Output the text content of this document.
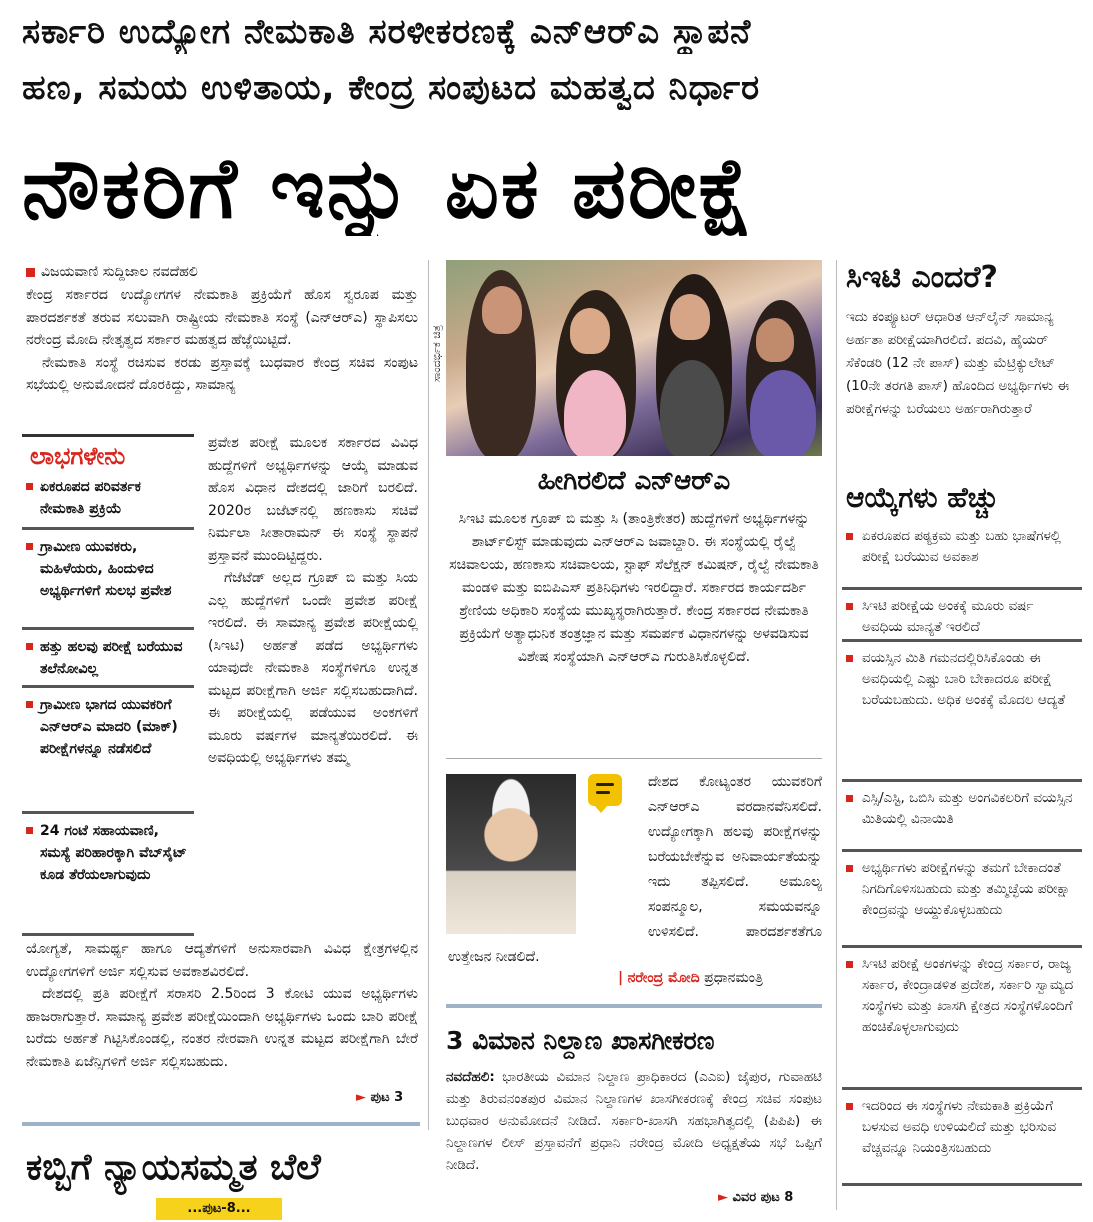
ಸರ್ಕಾರಿ ಉದ್ಯೋಗ ನೇಮಕಾತಿ ಸರಳೀಕರಣಕ್ಕೆ ಎನ್‌ಆರ್‌ಎ ಸ್ಥಾಪನೆ
ಹಣ, ಸಮಯ ಉಳಿತಾಯ, ಕೇಂದ್ರ ಸಂಪುಟದ ಮಹತ್ವದ ನಿರ್ಧಾರ
ನೌಕರಿಗೆ ಇನ್ನು ಏಕ ಪರೀಕ್ಷೆ
ವಿಜಯವಾಣಿ ಸುದ್ದಿಜಾಲ ನವದೆಹಲಿ

ಕೇಂದ್ರ ಸರ್ಕಾರದ ಉದ್ಯೋಗಗಳ ನೇಮಕಾತಿ ಪ್ರಕ್ರಿಯೆಗೆ ಹೊಸ ಸ್ವರೂಪ ಮತ್ತು ಪಾರದರ್ಶಕತೆ ತರುವ ಸಲುವಾಗಿ ರಾಷ್ಟ್ರೀಯ ನೇಮಕಾತಿ ಸಂಸ್ಥೆ (ಎನ್‌ಆರ್‌ಎ) ಸ್ಥಾಪಿಸಲು ನರೇಂದ್ರ ಮೋದಿ ನೇತೃತ್ವದ ಸರ್ಕಾರ ಮಹತ್ವದ ಹೆಜ್ಜೆಯಿಟ್ಟಿದೆ.

ನೇಮಕಾತಿ ಸಂಸ್ಥೆ ರಚಿಸುವ ಕರಡು ಪ್ರಸ್ತಾವಕ್ಕೆ ಬುಧವಾರ ಕೇಂದ್ರ ಸಚಿವ ಸಂಪುಟ ಸಭೆಯಲ್ಲಿ ಅನುಮೋದನೆ ದೊರಕಿದ್ದು, ಸಾಮಾನ್ಯ

ಲಾಭಗಳೇನು
ಏಕರೂಪದ ಪರಿವರ್ತಕ ನೇಮಕಾತಿ ಪ್ರಕ್ರಿಯೆ
ಗ್ರಾಮೀಣ ಯುವಕರು, ಮಹಿಳೆಯರು, ಹಿಂದುಳಿದ ಅಭ್ಯರ್ಥಿಗಳಿಗೆ ಸುಲಭ ಪ್ರವೇಶ
ಹತ್ತು ಹಲವು ಪರೀಕ್ಷೆ ಬರೆಯುವ ತಲೆನೋವಿಲ್ಲ
ಗ್ರಾಮೀಣ ಭಾಗದ ಯುವಕರಿಗೆ ಎನ್‌ಆರ್‌ಎ ಮಾದರಿ (ಮಾಕ್) ಪರೀಕ್ಷೆಗಳನ್ನೂ ನಡೆಸಲಿದೆ
24 ಗಂಟೆ ಸಹಾಯವಾಣಿ, ಸಮಸ್ಯೆ ಪರಿಹಾರಕ್ಕಾಗಿ ವೆಬ್‌ಸೈಟ್ ಕೂಡ ತೆರೆಯಲಾಗುವುದು

ಪ್ರವೇಶ ಪರೀಕ್ಷೆ ಮೂಲಕ ಸರ್ಕಾರದ ವಿವಿಧ ಹುದ್ದೆಗಳಿಗೆ ಅಭ್ಯರ್ಥಿಗಳನ್ನು ಆಯ್ಕೆ ಮಾಡುವ ಹೊಸ ವಿಧಾನ ದೇಶದಲ್ಲಿ ಜಾರಿಗೆ ಬರಲಿದೆ. 2020ರ ಬಜೆಟ್‌ನಲ್ಲಿ ಹಣಕಾಸು ಸಚಿವೆ ನಿರ್ಮಲಾ ಸೀತಾರಾಮನ್ ಈ ಸಂಸ್ಥೆ ಸ್ಥಾಪನೆ ಪ್ರಸ್ತಾವನೆ ಮುಂದಿಟ್ಟಿದ್ದರು.

ಗೆಜೆಟೆಡ್ ಅಲ್ಲದ ಗ್ರೂಪ್ ಬಿ ಮತ್ತು ಸಿಯ ಎಲ್ಲ ಹುದ್ದೆಗಳಿಗೆ ಒಂದೇ ಪ್ರವೇಶ ಪರೀಕ್ಷೆ ಇರಲಿದೆ. ಈ ಸಾಮಾನ್ಯ ಪ್ರವೇಶ ಪರೀಕ್ಷೆಯಲ್ಲಿ (ಸಿಇಟಿ) ಅರ್ಹತೆ ಪಡೆದ ಅಭ್ಯರ್ಥಿಗಳು ಯಾವುದೇ ನೇಮಕಾತಿ ಸಂಸ್ಥೆಗಳಿಗೂ ಉನ್ನತ ಮಟ್ಟದ ಪರೀಕ್ಷೆಗಾಗಿ ಅರ್ಜಿ ಸಲ್ಲಿಸಬಹುದಾಗಿದೆ. ಈ ಪರೀಕ್ಷೆಯಲ್ಲಿ ಪಡೆಯುವ ಅಂಕಗಳಿಗೆ ಮೂರು ವರ್ಷಗಳ ಮಾನ್ಯತೆಯಿರಲಿದೆ. ಈ ಅವಧಿಯಲ್ಲಿ ಅಭ್ಯರ್ಥಿಗಳು ತಮ್ಮ

ಯೋಗ್ಯತೆ, ಸಾಮರ್ಥ್ಯ ಹಾಗೂ ಆದ್ಯತೆಗಳಿಗೆ ಅನುಸಾರವಾಗಿ ವಿವಿಧ ಕ್ಷೇತ್ರಗಳಲ್ಲಿನ ಉದ್ಯೋಗಗಳಿಗೆ ಅರ್ಜಿ ಸಲ್ಲಿಸುವ ಅವಕಾಶವಿರಲಿದೆ.

ದೇಶದಲ್ಲಿ ಪ್ರತಿ ಪರೀಕ್ಷೆಗೆ ಸರಾಸರಿ 2.5ರಿಂದ 3 ಕೋಟಿ ಯುವ ಅಭ್ಯರ್ಥಿಗಳು ಹಾಜರಾಗುತ್ತಾರೆ. ಸಾಮಾನ್ಯ ಪ್ರವೇಶ ಪರೀಕ್ಷೆಯಿಂದಾಗಿ ಅಭ್ಯರ್ಥಿಗಳು ಒಂದು ಬಾರಿ ಪರೀಕ್ಷೆ ಬರೆದು ಅರ್ಹತೆ ಗಿಟ್ಟಿಸಿಕೊಂಡಲ್ಲಿ, ನಂತರ ನೇರವಾಗಿ ಉನ್ನತ ಮಟ್ಟದ ಪರೀಕ್ಷೆಗಾಗಿ ಬೇರೆ ನೇಮಕಾತಿ ಏಜೆನ್ಸಿಗಳಿಗೆ ಅರ್ಜಿ ಸಲ್ಲಿಸಬಹುದು.

► ಪುಟ 3
ಕಬ್ಬಿಗೆ ನ್ಯಾಯಸಮ್ಮತ ಬೆಲೆ
...ಪುಟ-8...
ಸಾಂದರ್ಭಿಕ ಚಿತ್ರ
ಹೀಗಿರಲಿದೆ ಎನ್‌ಆರ್‌ಎ
ಸಿಇಟಿ ಮೂಲಕ ಗ್ರೂಪ್ ಬಿ ಮತ್ತು ಸಿ (ತಾಂತ್ರಿಕೇತರ) ಹುದ್ದೆಗಳಿಗೆ ಅಭ್ಯರ್ಥಿಗಳನ್ನು ಶಾರ್ಟ್‌ಲಿಸ್ಟ್ ಮಾಡುವುದು ಎನ್‌ಆರ್‌ಎ ಜವಾಬ್ದಾರಿ. ಈ ಸಂಸ್ಥೆಯಲ್ಲಿ ರೈಲ್ವೆ ಸಚಿವಾಲಯ, ಹಣಕಾಸು ಸಚಿವಾಲಯ, ಸ್ಟಾಫ್ ಸೆಲೆಕ್ಷನ್ ಕಮಿಷನ್, ರೈಲ್ವೆ ನೇಮಕಾತಿ ಮಂಡಳಿ ಮತ್ತು ಐಬಿಪಿಎಸ್ ಪ್ರತಿನಿಧಿಗಳು ಇರಲಿದ್ದಾರೆ. ಸರ್ಕಾರದ ಕಾರ್ಯದರ್ಶಿ ಶ್ರೇಣಿಯ ಅಧಿಕಾರಿ ಸಂಸ್ಥೆಯ ಮುಖ್ಯಸ್ಥರಾಗಿರುತ್ತಾರೆ. ಕೇಂದ್ರ ಸರ್ಕಾರದ ನೇಮಕಾತಿ ಪ್ರಕ್ರಿಯೆಗೆ ಅತ್ಯಾಧುನಿಕ ತಂತ್ರಜ್ಞಾನ ಮತ್ತು ಸಮರ್ಪಕ ವಿಧಾನಗಳನ್ನು ಅಳವಡಿಸುವ ವಿಶೇಷ ಸಂಸ್ಥೆಯಾಗಿ ಎನ್‌ಆರ್‌ಎ ಗುರುತಿಸಿಕೊಳ್ಳಲಿದೆ.
ದೇಶದ ಕೋಟ್ಯಂತರ ಯುವಕರಿಗೆ ಎನ್‌ಆರ್‌ಎ ವರದಾನವೆನಿಸಲಿದೆ. ಉದ್ಯೋಗಕ್ಕಾಗಿ ಹಲವು ಪರೀಕ್ಷೆಗಳನ್ನು ಬರೆಯಬೇಕೆನ್ನುವ ಅನಿವಾರ್ಯತೆಯನ್ನು ಇದು ತಪ್ಪಿಸಲಿದೆ. ಅಮೂಲ್ಯ ಸಂಪನ್ಮೂಲ, ಸಮಯವನ್ನೂ ಉಳಿಸಲಿದೆ. ಪಾರದರ್ಶಕತೆಗೂ ಉತ್ತೇಜನ ನೀಡಲಿದೆ.
| ನರೇಂದ್ರ ಮೋದಿ ಪ್ರಧಾನಮಂತ್ರಿ
3 ವಿಮಾನ ನಿಲ್ದಾಣ ಖಾಸಗೀಕರಣ
ನವದೆಹಲಿ: ಭಾರತೀಯ ವಿಮಾನ ನಿಲ್ದಾಣ ಪ್ರಾಧಿಕಾರದ (ಎಎಐ) ಜೈಪುರ, ಗುವಾಹಟಿ ಮತ್ತು ತಿರುವನಂತಪುರ ವಿಮಾನ ನಿಲ್ದಾಣಗಳ ಖಾಸಗೀಕರಣಕ್ಕೆ ಕೇಂದ್ರ ಸಚಿವ ಸಂಪುಟ ಬುಧವಾರ ಅನುಮೋದನೆ ನೀಡಿದೆ. ಸರ್ಕಾರಿ-ಖಾಸಗಿ ಸಹಭಾಗಿತ್ವದಲ್ಲಿ (ಪಿಪಿಪಿ) ಈ ನಿಲ್ದಾಣಗಳ ಲೀಸ್ ಪ್ರಸ್ತಾವನೆಗೆ ಪ್ರಧಾನಿ ನರೇಂದ್ರ ಮೋದಿ ಅಧ್ಯಕ್ಷತೆಯ ಸಭೆ ಒಪ್ಪಿಗೆ ನೀಡಿದೆ.
► ವಿವರ ಪುಟ 8
ಸಿಇಟಿ ಎಂದರೆ?
ಇದು ಕಂಪ್ಯೂಟರ್ ಆಧಾರಿತ ಆನ್‌ಲೈನ್ ಸಾಮಾನ್ಯ ಅರ್ಹತಾ ಪರೀಕ್ಷೆಯಾಗಿರಲಿದೆ. ಪದವಿ, ಹೈಯರ್ ಸೆಕೆಂಡರಿ (12 ನೇ ಪಾಸ್) ಮತ್ತು ಮೆಟ್ರಿಕ್ಯುಲೇಟ್ (10ನೇ ತರಗತಿ ಪಾಸ್) ಹೊಂದಿದ ಅಭ್ಯರ್ಥಿಗಳು ಈ ಪರೀಕ್ಷೆಗಳನ್ನು ಬರೆಯಲು ಅರ್ಹರಾಗಿರುತ್ತಾರೆ
ಆಯ್ಕೆಗಳು ಹೆಚ್ಚು
ಏಕರೂಪದ ಪಠ್ಯಕ್ರಮ ಮತ್ತು ಬಹು ಭಾಷೆಗಳಲ್ಲಿ ಪರೀಕ್ಷೆ ಬರೆಯುವ ಅವಕಾಶ
ಸಿಇಟಿ ಪರೀಕ್ಷೆಯ ಅಂಕಕ್ಕೆ ಮೂರು ವರ್ಷ ಅವಧಿಯ ಮಾನ್ಯತೆ ಇರಲಿದೆ
ವಯಸ್ಸಿನ ಮಿತಿ ಗಮನದಲ್ಲಿರಿಸಿಕೊಂಡು ಈ ಅವಧಿಯಲ್ಲಿ ಎಷ್ಟು ಬಾರಿ ಬೇಕಾದರೂ ಪರೀಕ್ಷೆ ಬರೆಯಬಹುದು. ಅಧಿಕ ಅಂಕಕ್ಕೆ ಮೊದಲ ಆದ್ಯತೆ
ಎಸ್ಸಿ/ಎಸ್ಟಿ, ಒಬಿಸಿ ಮತ್ತು ಅಂಗವಿಕಲರಿಗೆ ವಯಸ್ಸಿನ ಮಿತಿಯಲ್ಲಿ ವಿನಾಯಿತಿ
ಅಭ್ಯರ್ಥಿಗಳು ಪರೀಕ್ಷೆಗಳನ್ನು ತಮಗೆ ಬೇಕಾದಂತೆ ನಿಗದಿಗೊಳಿಸಬಹುದು ಮತ್ತು ತಮ್ಮಿಚ್ಛೆಯ ಪರೀಕ್ಷಾ ಕೇಂದ್ರವನ್ನು ಆಯ್ದುಕೊಳ್ಳಬಹುದು
ಸಿಇಟಿ ಪರೀಕ್ಷೆ ಅಂಕಗಳನ್ನು ಕೇಂದ್ರ ಸರ್ಕಾರ, ರಾಜ್ಯ ಸರ್ಕಾರ, ಕೇಂದ್ರಾಡಳಿತ ಪ್ರದೇಶ, ಸರ್ಕಾರಿ ಸ್ವಾಮ್ಯದ ಸಂಸ್ಥೆಗಳು ಮತ್ತು ಖಾಸಗಿ ಕ್ಷೇತ್ರದ ಸಂಸ್ಥೆಗಳೊಂದಿಗೆ ಹಂಚಿಕೊಳ್ಳಲಾಗುವುದು
ಇದರಿಂದ ಈ ಸಂಸ್ಥೆಗಳು ನೇಮಕಾತಿ ಪ್ರಕ್ರಿಯೆಗೆ ಬಳಸುವ ಅವಧಿ ಉಳಿಯಲಿದೆ ಮತ್ತು ಭರಿಸುವ ವೆಚ್ಚವನ್ನೂ ನಿಯಂತ್ರಿಸಬಹುದು
